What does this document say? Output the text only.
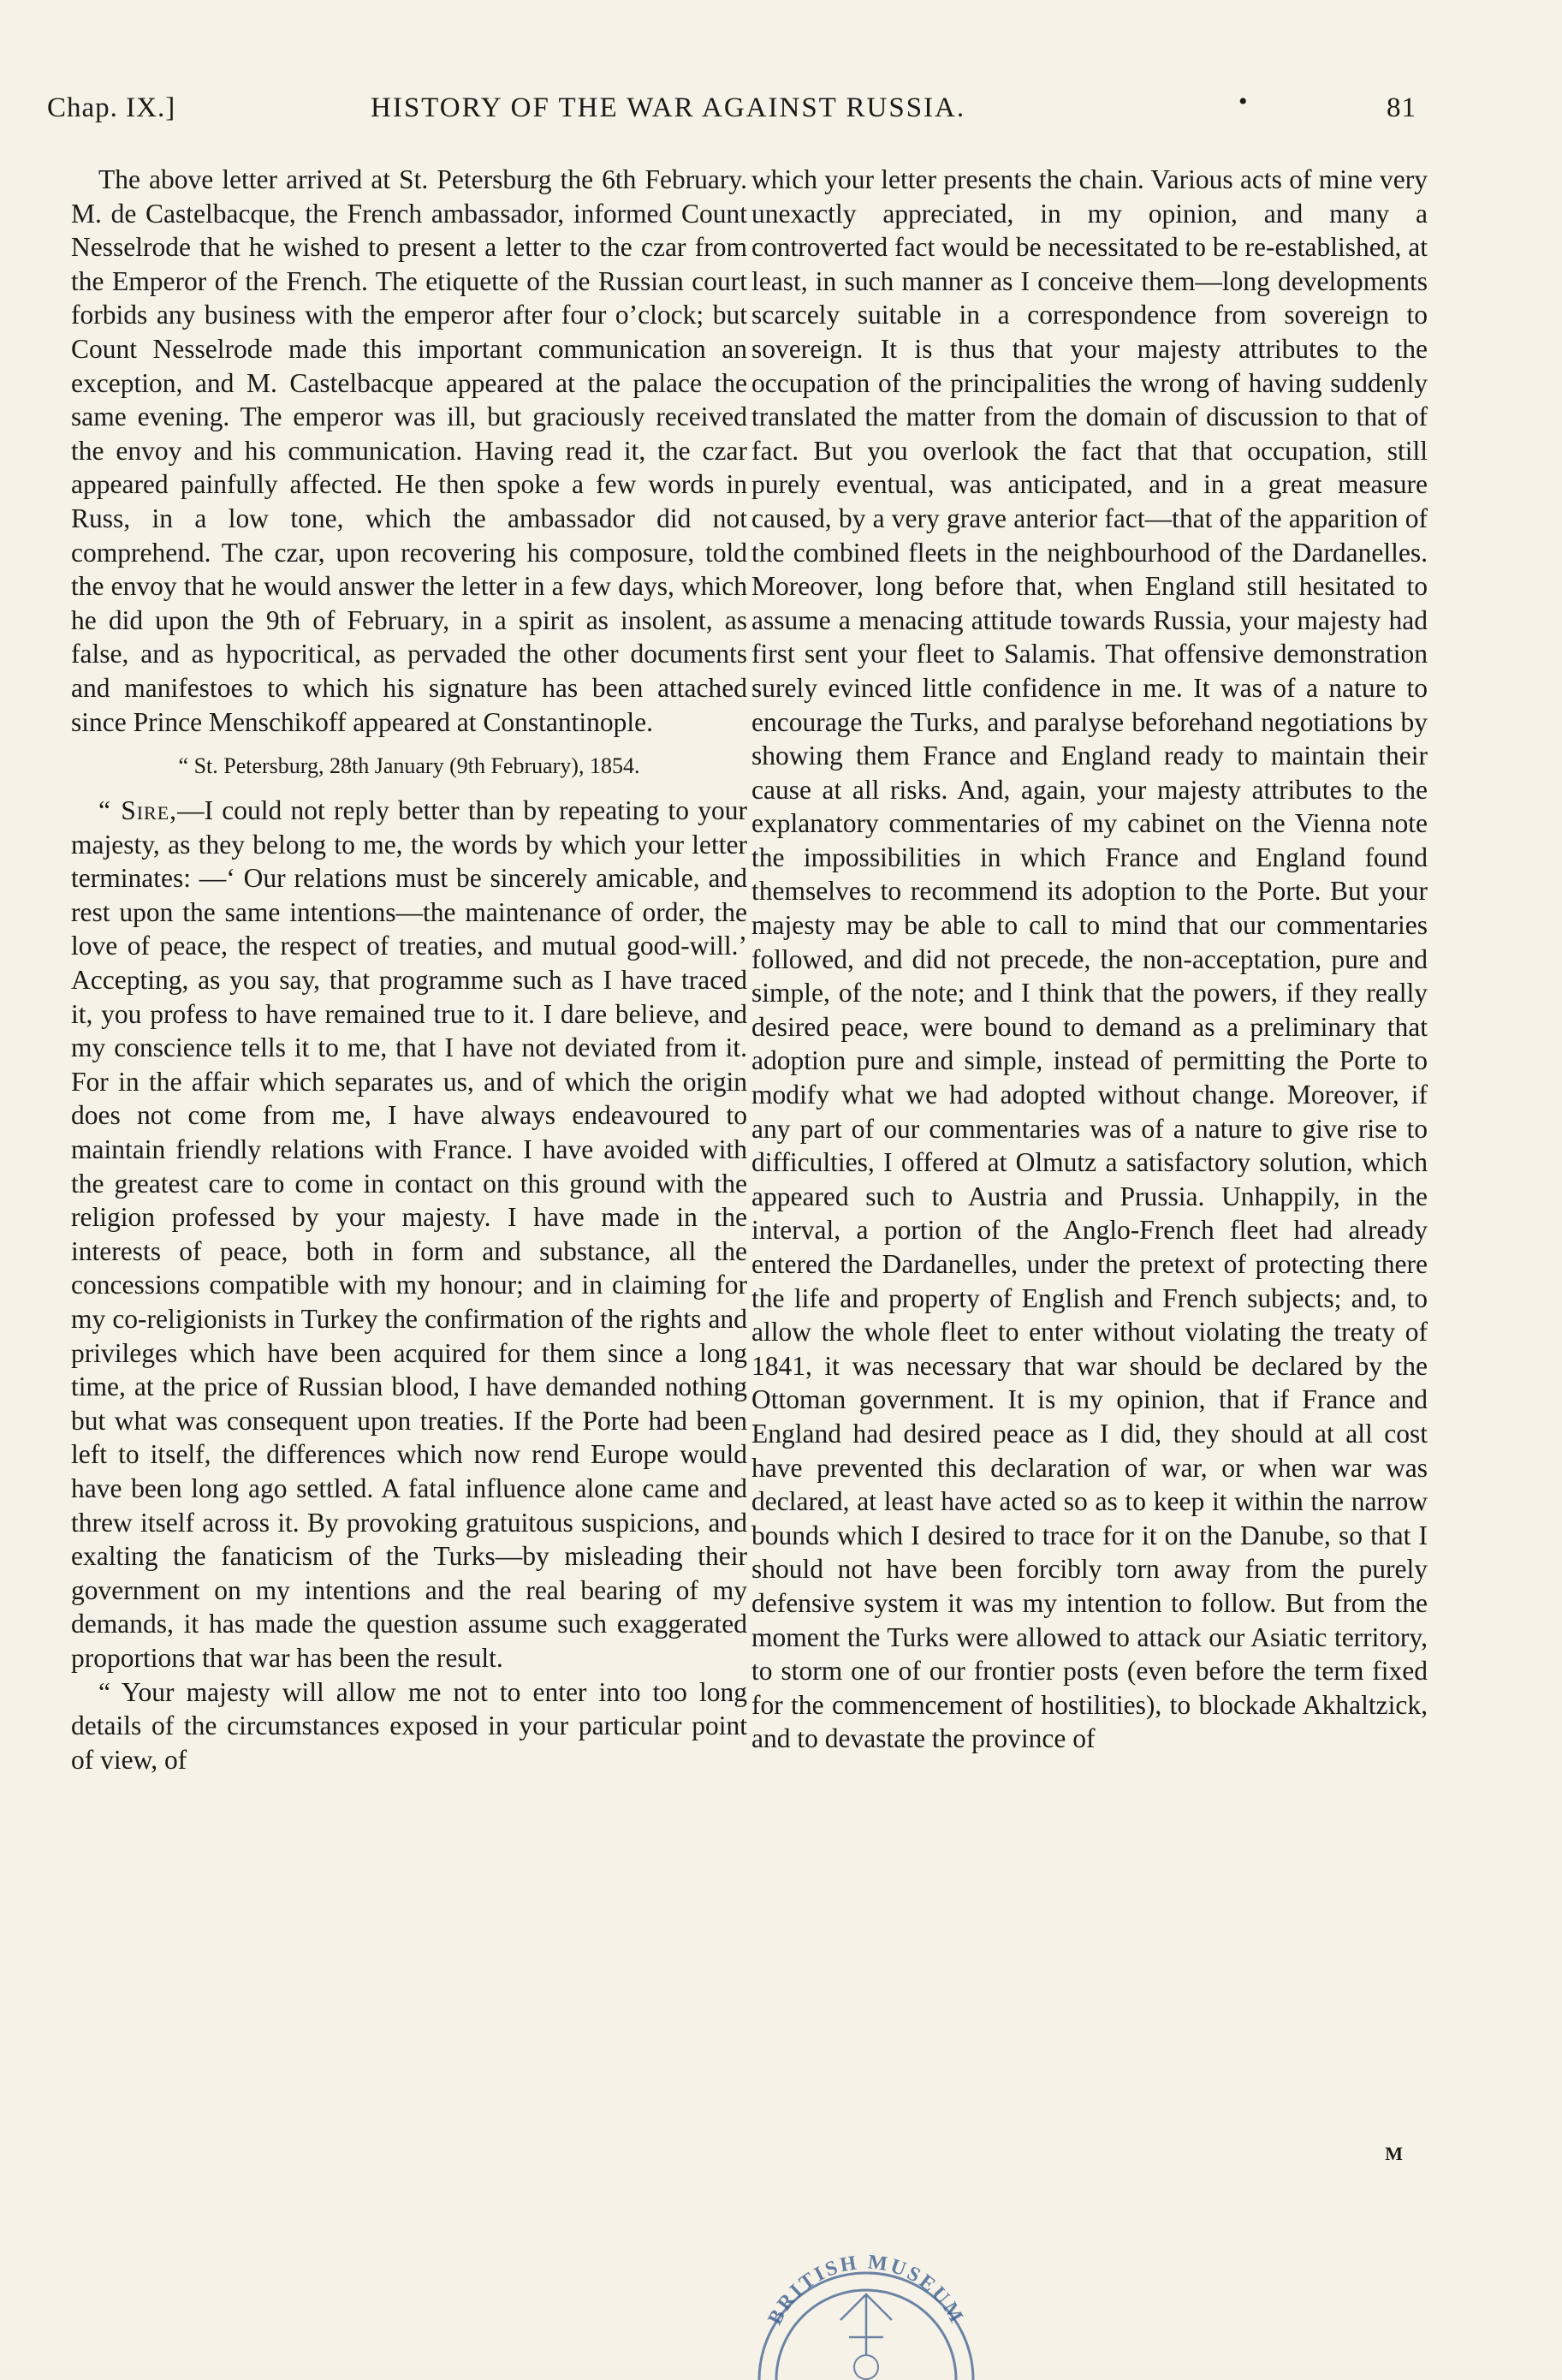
Chap. IX.]	HISTORY OF THE WAR AGAINST RUSSIA.	•	81

The above letter arrived at St. Petersburg the 6th February. M. de Castelbacque, the French ambassador, informed Count Nesselrode that he wished to present a letter to the czar from the Emperor of the French. The etiquette of the Russian court forbids any business with the emperor after four o’clock; but Count Nesselrode made this important communication an exception, and M. Castelbacque appeared at the palace the same evening. The emperor was ill, but graciously received the envoy and his communication. Having read it, the czar appeared painfully affected. He then spoke a few words in Russ, in a low tone, which the ambassador did not comprehend. The czar, upon recovering his composure, told the envoy that he would answer the letter in a few days, which he did upon the 9th of February, in a spirit as insolent, as false, and as hypocritical, as pervaded the other documents and manifestoes to which his signature has been attached since Prince Menschikoff appeared at Constantinople.

“ St. Petersburg, 28th January (9th February), 1854.

“ Sire,—I could not reply better than by repeating to your majesty, as they belong to me, the words by which your letter terminates: —‘ Our relations must be sincerely amicable, and rest upon the same intentions—the maintenance of order, the love of peace, the respect of treaties, and mutual good-will.’ Accepting, as you say, that programme such as I have traced it, you profess to have remained true to it. I dare believe, and my conscience tells it to me, that I have not deviated from it. For in the affair which separates us, and of which the origin does not come from me, I have always endeavoured to maintain friendly relations with France. I have avoided with the greatest care to come in contact on this ground with the religion professed by your majesty. I have made in the interests of peace, both in form and substance, all the concessions compatible with my honour; and in claiming for my co-religionists in Turkey the confirmation of the rights and privileges which have been acquired for them since a long time, at the price of Russian blood, I have demanded nothing but what was consequent upon treaties. If the Porte had been left to itself, the differences which now rend Europe would have been long ago settled. A fatal influence alone came and threw itself across it. By provoking gratuitous suspicions, and exalting the fanaticism of the Turks—by misleading their government on my intentions and the real bearing of my demands, it has made the question assume such exaggerated proportions that war has been the result.

“ Your majesty will allow me not to enter into too long details of the circumstances exposed in your particular point of view, of

which your letter presents the chain. Various acts of mine very unexactly appreciated, in my opinion, and many a controverted fact would be necessitated to be re-established, at least, in such manner as I conceive them—long developments scarcely suitable in a correspondence from sovereign to sovereign. It is thus that your majesty attributes to the occupation of the principalities the wrong of having suddenly translated the matter from the domain of discussion to that of fact. But you overlook the fact that that occupation, still purely eventual, was anticipated, and in a great measure caused, by a very grave anterior fact—that of the apparition of the combined fleets in the neighbourhood of the Dardanelles. Moreover, long before that, when England still hesitated to assume a menacing attitude towards Russia, your majesty had first sent your fleet to Salamis. That offensive demonstration surely evinced little confidence in me. It was of a nature to encourage the Turks, and paralyse beforehand negotiations by showing them France and England ready to maintain their cause at all risks. And, again, your majesty attributes to the explanatory commentaries of my cabinet on the Vienna note the impossibilities in which France and England found themselves to recommend its adoption to the Porte. But your majesty may be able to call to mind that our commentaries followed, and did not precede, the non-acceptation, pure and simple, of the note; and I think that the powers, if they really desired peace, were bound to demand as a preliminary that adoption pure and simple, instead of permitting the Porte to modify what we had adopted without change. Moreover, if any part of our commentaries was of a nature to give rise to difficulties, I offered at Olmutz a satisfactory solution, which appeared such to Austria and Prussia. Unhappily, in the interval, a portion of the Anglo-French fleet had already entered the Dardanelles, under the pretext of protecting there the life and property of English and French subjects; and, to allow the whole fleet to enter without violating the treaty of 1841, it was necessary that war should be declared by the Ottoman government. It is my opinion, that if France and England had desired peace as I did, they should at all cost have prevented this declaration of war, or when war was declared, at least have acted so as to keep it within the narrow bounds which I desired to trace for it on the Danube, so that I should not have been forcibly torn away from the purely defensive system it was my intention to follow. But from the moment the Turks were allowed to attack our Asiatic territory, to storm one of our frontier posts (even before the term fixed for the commencement of hostilities), to blockade Akhaltzick, and to devastate the province of

M
BRITISH MUSEUM
